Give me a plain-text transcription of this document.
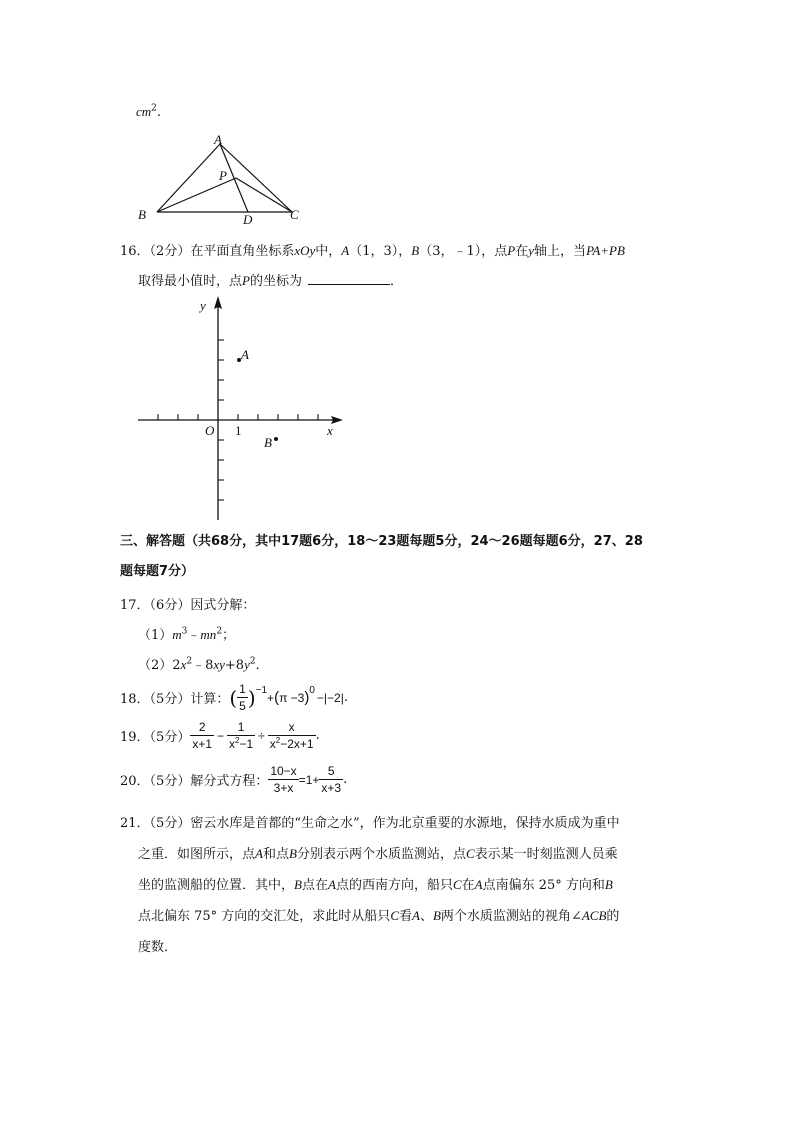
$cm^2$.
A
P
B	D	C
16．（2分）在平面直角坐标系xOy中，A（1，3），B（3，﹣1），点P在y轴上，当PA+PB
取得最小值时，点P的坐标为	．
y
x
O 1
A
B
三、解答题（共68分，其中17题6分，18～23题每题5分，24～26题每题6分，27、28
题每题7分）
17．（6分）因式分解：
$(1)m^3﹣mn^2$；
$(2)2x^2﹣8xy+8y^2$．
18．（5分）计算： ( $\frac{1}{5}$ ) −1 + ( π −3 ) 0 −|−2| .
19．（5分） $\frac{2}{x+1} - \frac{1}{x^2-1} \div \frac{x}{x^2-2x+1}$ .
20．（5分）解分式方程： $\frac{10-x}{3+x} =1+ \frac{5}{x+3}$ .
21．（5分）密云水库是首都的“生命之水”，作为北京重要的水源地，保持水质成为重中
之重．如图所示，点A和点B分别表示两个水质监测站，点C表示某一时刻监测人员乘
坐的监测船的位置．其中，B点在A点的西南方向，船只C在A点南偏东 25° 方向和B
点北偏东 75° 方向的交汇处，求此时从船只C看A、B两个水质监测站的视角∠ACB的
度数．
